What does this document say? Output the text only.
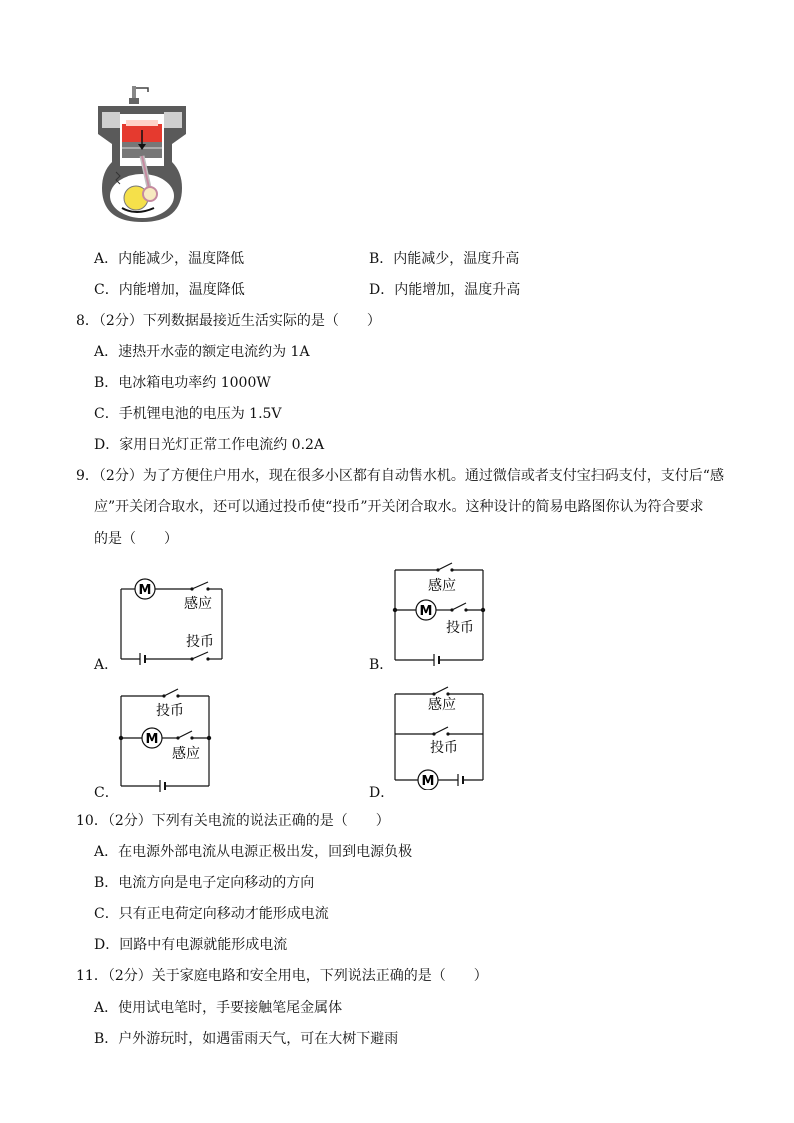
A．内能减少，温度降低	B．内能减少，温度升高
C．内能增加，温度降低	D．内能增加，温度升高
8．（2分）下列数据最接近生活实际的是（　　）
A．速热开水壶的额定电流约为 1A
B．电冰箱电功率约 1000W
C．手机锂电池的电压为 1.5V
D．家用日光灯正常工作电流约 0.2A
9．（2分）为了方便住户用水，现在很多小区都有自动售水机。通过微信或者支付宝扫码支付，支付后“感
应”开关闭合取水，还可以通过投币使“投币”开关闭合取水。这种设计的简易电路图你认为符合要求
的是（　　）
A．
M
感应
投币
B．
M
感应
投币
C．
M
投币
感应
D．
M
感应
投币
10．（2分）下列有关电流的说法正确的是（　　）
A．在电源外部电流从电源正极出发，回到电源负极
B．电流方向是电子定向移动的方向
C．只有正电荷定向移动才能形成电流
D．回路中有电源就能形成电流
11．（2分）关于家庭电路和安全用电，下列说法正确的是（　　）
A．使用试电笔时，手要接触笔尾金属体
B．户外游玩时，如遇雷雨天气，可在大树下避雨
